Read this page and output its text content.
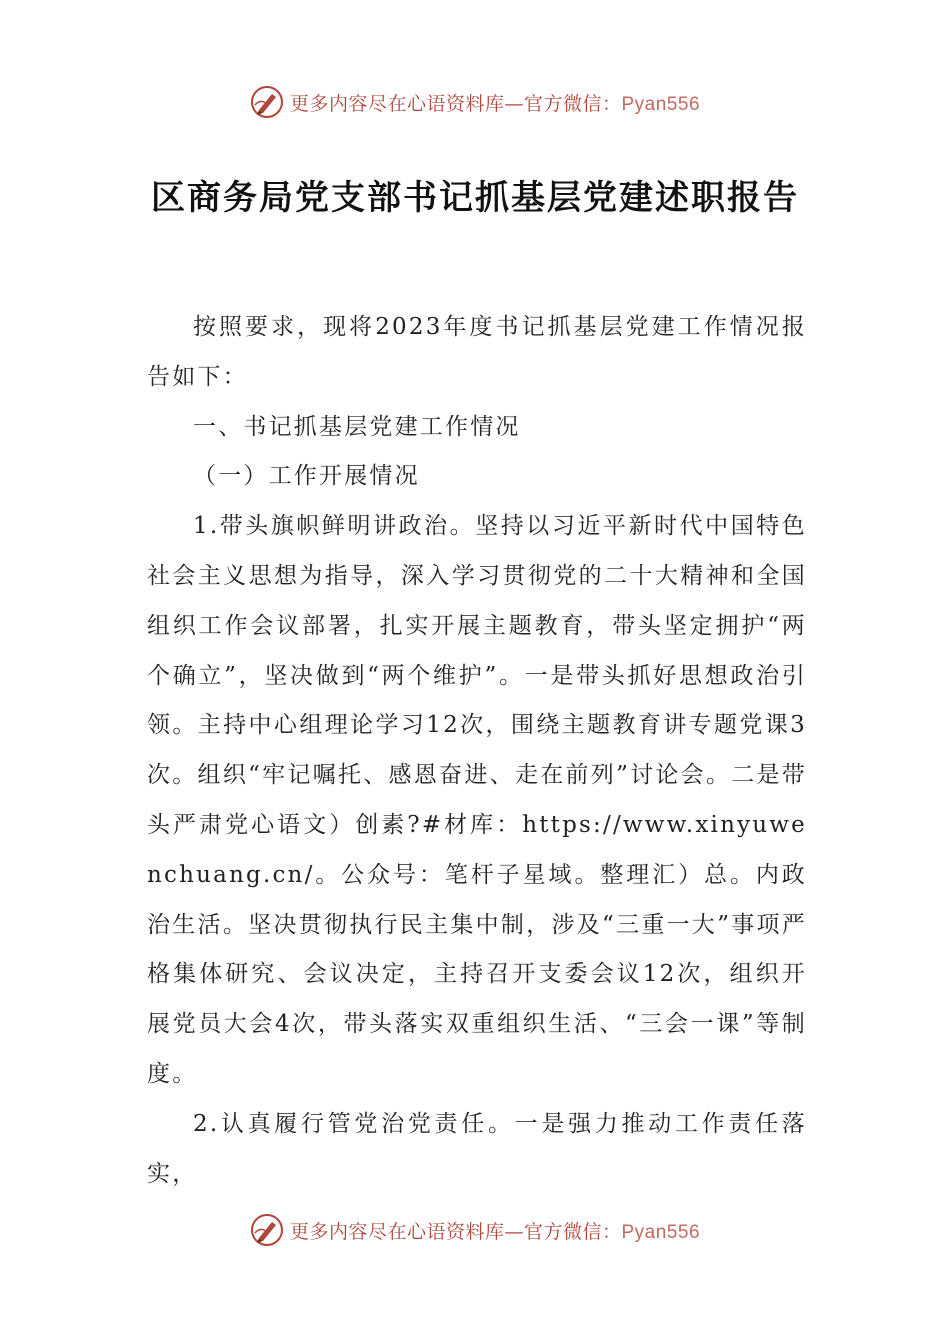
更多内容尽在心语资料库—官方微信：Pyan556
区商务局党支部书记抓基层党建述职报告

按照要求，现将2023年度书记抓基层党建工作情况报告如下：

一、书记抓基层党建工作情况

（一）工作开展情况

1.带头旗帜鲜明讲政治。坚持以习近平新时代中国特色社会主义思想为指导，深入学习贯彻党的二十大精神和全国组织工作会议部署，扎实开展主题教育，带头坚定拥护“两个确立”，坚决做到“两个维护”。一是带头抓好思想政治引领。主持中心组理论学习12次，围绕主题教育讲专题党课3次。组织“牢记嘱托、感恩奋进、走在前列”讨论会。二是带头严肃党心语文）创素?#材库：https://www.xinyuwenchuang.cn/。公众号：笔杆子星域。整理汇）总。内政治生活。坚决贯彻执行民主集中制，涉及“三重一大”事项严格集体研究、会议决定，主持召开支委会议12次，组织开展党员大会4次，带头落实双重组织生活、“三会一课”等制度。

2.认真履行管党治党责任。一是强力推动工作责任落实，

更多内容尽在心语资料库—官方微信：Pyan556
